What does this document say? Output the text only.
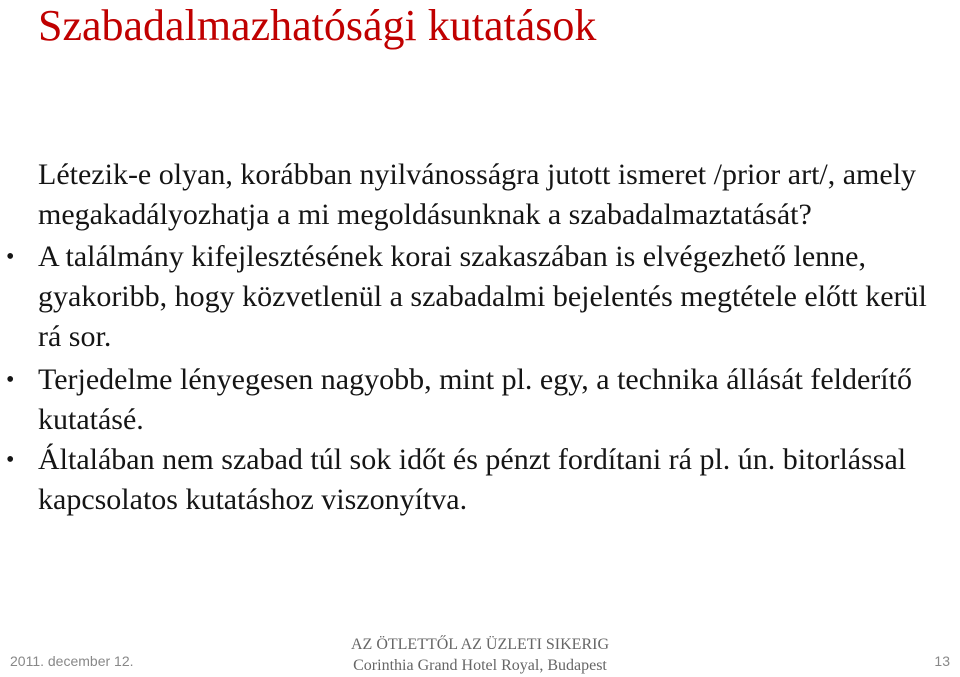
Szabadalmazhatósági kutatások

Létezik-e olyan, korábban nyilvánosságra jutott ismeret /prior art/, amely megakadályozhatja a mi megoldásunknak a szabadalmaztatását?

• A találmány kifejlesztésének korai szakaszában is elvégezhető lenne, gyakoribb, hogy közvetlenül a szabadalmi bejelentés megtétele előtt kerül rá sor.
• Terjedelme lényegesen nagyobb, mint pl. egy, a technika állását felderítő kutatásé.
• Általában nem szabad túl sok időt és pénzt fordítani rá pl. ún. bitorlással kapcsolatos kutatáshoz viszonyítva.
2011. december 12.
AZ ÖTLETTŐL AZ ÜZLETI SIKERIG
Corinthia Grand Hotel Royal, Budapest	13
